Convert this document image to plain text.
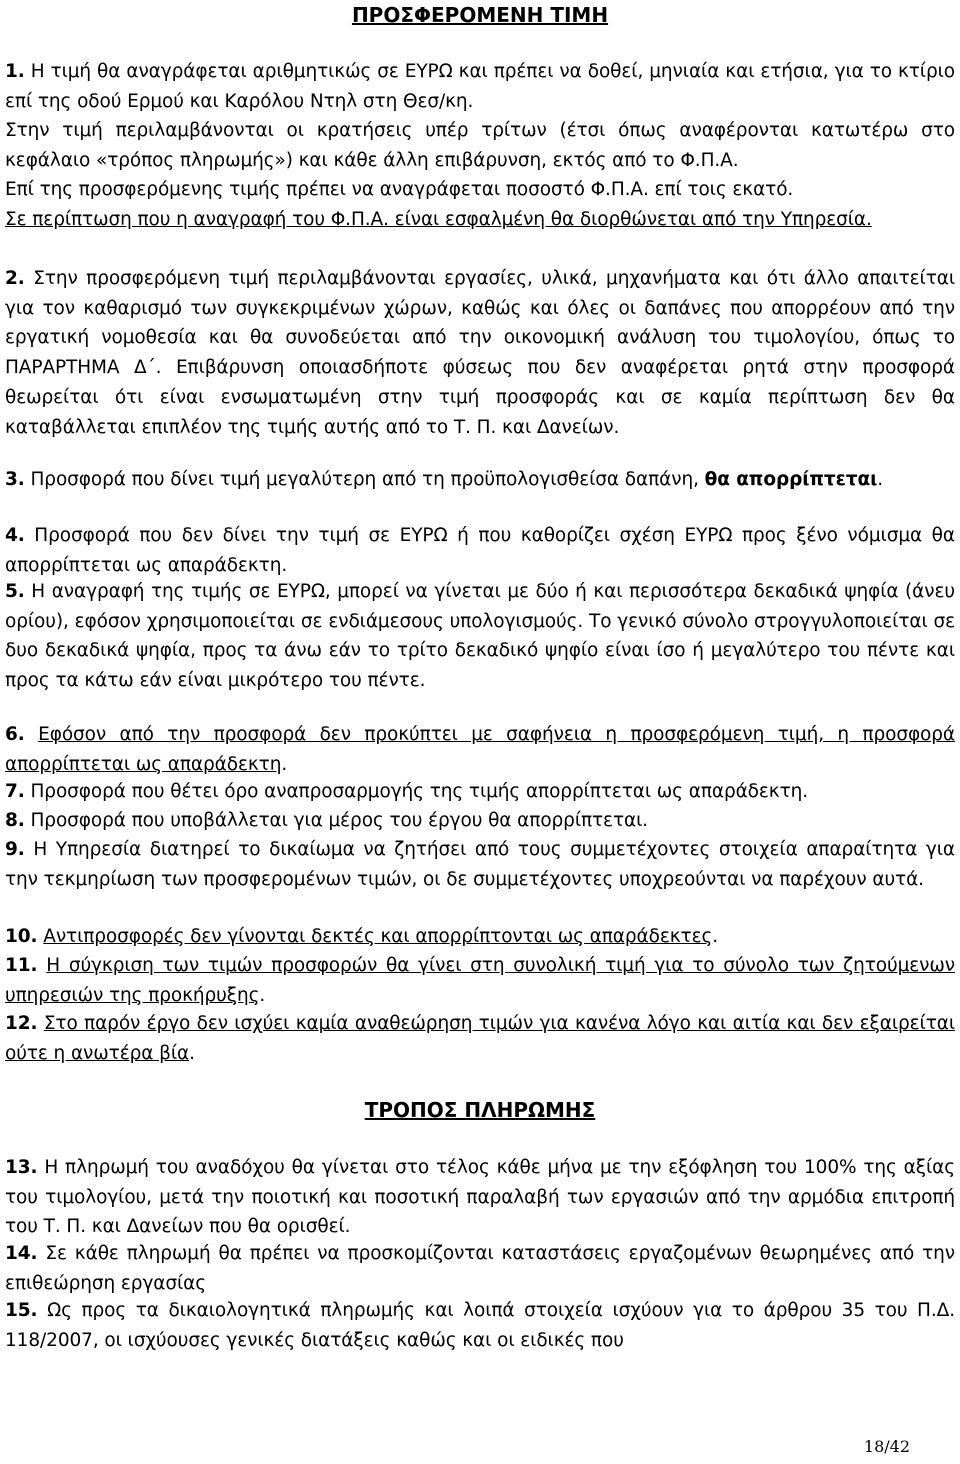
ΠΡΟΣΦΕΡΟΜΕΝΗ ΤΙΜΗ
1. Η τιμή θα αναγράφεται αριθμητικώς σε ΕΥΡΩ και πρέπει να δοθεί, μηνιαία και ετήσια, για το κτίριο επί της οδού Ερμού και Καρόλου Ντηλ στη Θεσ/κη.
Στην τιμή περιλαμβάνονται οι κρατήσεις υπέρ τρίτων (έτσι όπως αναφέρονται κατωτέρω στο κεφάλαιο «τρόπος πληρωμής») και κάθε άλλη επιβάρυνση, εκτός από το Φ.Π.Α.
Επί της προσφερόμενης τιμής πρέπει να αναγράφεται ποσοστό Φ.Π.Α. επί τοις εκατό.
Σε περίπτωση που η αναγραφή του Φ.Π.Α. είναι εσφαλμένη θα διορθώνεται από την Υπηρεσία.
2. Στην προσφερόμενη τιμή περιλαμβάνονται εργασίες, υλικά, μηχανήματα και ότι άλλο απαιτείται για τον καθαρισμό των συγκεκριμένων χώρων, καθώς και όλες οι δαπάνες που απορρέουν από την εργατική νομοθεσία και θα συνοδεύεται από την οικονομική ανάλυση του τιμολογίου, όπως το ΠΑΡΑΡΤΗΜΑ Δ΄. Επιβάρυνση οποιασδήποτε φύσεως που δεν αναφέρεται ρητά στην προσφορά θεωρείται ότι είναι ενσωματωμένη στην τιμή προσφοράς και σε καμία περίπτωση δεν θα καταβάλλεται επιπλέον της τιμής αυτής από το Τ. Π. και Δανείων.
3. Προσφορά που δίνει τιμή μεγαλύτερη από τη προϋπολογισθείσα δαπάνη, θα απορρίπτεται.
4. Προσφορά που δεν δίνει την τιμή σε ΕΥΡΩ ή που καθορίζει σχέση ΕΥΡΩ προς ξένο νόμισμα θα απορρίπτεται ως απαράδεκτη.
5. Η αναγραφή της τιμής σε ΕΥΡΩ, μπορεί να γίνεται με δύο ή και περισσότερα δεκαδικά ψηφία (άνευ ορίου), εφόσον χρησιμοποιείται σε ενδιάμεσους υπολογισμούς. Το γενικό σύνολο στρογγυλοποιείται σε δυο δεκαδικά ψηφία, προς τα άνω εάν το τρίτο δεκαδικό ψηφίο είναι ίσο ή μεγαλύτερο του πέντε και προς τα κάτω εάν είναι μικρότερο του πέντε.
6. Εφόσον από την προσφορά δεν προκύπτει με σαφήνεια η προσφερόμενη τιμή, η προσφορά απορρίπτεται ως απαράδεκτη.
7. Προσφορά που θέτει όρο αναπροσαρμογής της τιμής απορρίπτεται ως απαράδεκτη.
8. Προσφορά που υποβάλλεται για μέρος του έργου θα απορρίπτεται.
9. Η Υπηρεσία διατηρεί το δικαίωμα να ζητήσει από τους συμμετέχοντες στοιχεία απαραίτητα για την τεκμηρίωση των προσφερομένων τιμών, οι δε συμμετέχοντες υποχρεούνται να παρέχουν αυτά.
10. Αντιπροσφορές δεν γίνονται δεκτές και απορρίπτονται ως απαράδεκτες.
11. Η σύγκριση των τιμών προσφορών θα γίνει στη συνολική τιμή για το σύνολο των ζητούμενων υπηρεσιών της προκήρυξης.
12. Στο παρόν έργο δεν ισχύει καμία αναθεώρηση τιμών για κανένα λόγο και αιτία και δεν εξαιρείται ούτε η ανωτέρα βία.
ΤΡΟΠΟΣ ΠΛΗΡΩΜΗΣ
13. Η πληρωμή του αναδόχου θα γίνεται στο τέλος κάθε μήνα με την εξόφληση του 100% της αξίας του τιμολογίου, μετά την ποιοτική και ποσοτική παραλαβή των εργασιών από την αρμόδια επιτροπή του Τ. Π. και Δανείων που θα ορισθεί.
14. Σε κάθε πληρωμή θα πρέπει να προσκομίζονται καταστάσεις εργαζομένων θεωρημένες από την επιθεώρηση εργασίας
15. Ως προς τα δικαιολογητικά πληρωμής και λοιπά στοιχεία ισχύουν για το άρθρου 35 του Π.Δ. 118/2007, οι ισχύουσες γενικές διατάξεις καθώς και οι ειδικές που
18/42
